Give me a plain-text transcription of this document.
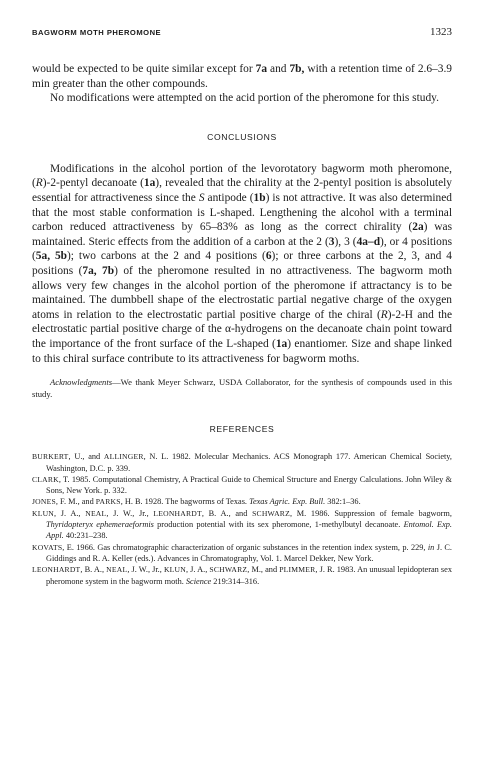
BAGWORM MOTH PHEROMONE	1323

would be expected to be quite similar except for 7a and 7b, with a retention time of 2.6–3.9 min greater than the other compounds.

No modifications were attempted on the acid portion of the pheromone for this study.

CONCLUSIONS

Modifications in the alcohol portion of the levorotatory bagworm moth pheromone, (R)-2-pentyl decanoate (1a), revealed that the chirality at the 2-pentyl position is absolutely essential for attractiveness since the S antipode (1b) is not attractive. It was also determined that the most stable conformation is L-shaped. Lengthening the alcohol with a terminal carbon reduced attractiveness by 65–83% as long as the correct chirality (2a) was maintained. Steric effects from the addition of a carbon at the 2 (3), 3 (4a–d), or 4 positions (5a, 5b); two carbons at the 2 and 4 positions (6); or three carbons at the 2, 3, and 4 positions (7a, 7b) of the pheromone resulted in no attractiveness. The bagworm moth allows very few changes in the alcohol portion of the pheromone if attractancy is to be maintained. The dumbbell shape of the electrostatic partial negative charge of the oxygen atoms in relation to the electrostatic partial positive charge of the chiral (R)-2-H and the electrostatic partial positive charge of the α-hydrogens on the decanoate chain point toward the importance of the front surface of the L-shaped (1a) enantiomer. Size and shape linked to this chiral surface contribute to its attractiveness for bagworm moths.

Acknowledgments—We thank Meyer Schwarz, USDA Collaborator, for the synthesis of compounds used in this study.

REFERENCES

BURKERT, U., and ALLINGER, N. L. 1982. Molecular Mechanics. ACS Monograph 177. American Chemical Society, Washington, D.C. p. 339.
CLARK, T. 1985. Computational Chemistry, A Practical Guide to Chemical Structure and Energy Calculations. John Wiley & Sons, New York. p. 332.
JONES, F. M., and PARKS, H. B. 1928. The bagworms of Texas. Texas Agric. Exp. Bull. 382:1–36.
KLUN, J. A., NEAL, J. W., Jr., LEONHARDT, B. A., and SCHWARZ, M. 1986. Suppression of female bagworm, Thyridopteryx ephemeraeformis production potential with its sex pheromone, 1-methylbutyl decanoate. Entomol. Exp. Appl. 40:231–238.
KOVATS, E. 1966. Gas chromatographic characterization of organic substances in the retention index system, p. 229, in J. C. Giddings and R. A. Keller (eds.). Advances in Chromatography, Vol. 1. Marcel Dekker, New York.
LEONHARDT, B. A., NEAL, J. W., Jr., KLUN, J. A., SCHWARZ, M., and PLIMMER, J. R. 1983. An unusual lepidopteran sex pheromone system in the bagworm moth. Science 219:314–316.
